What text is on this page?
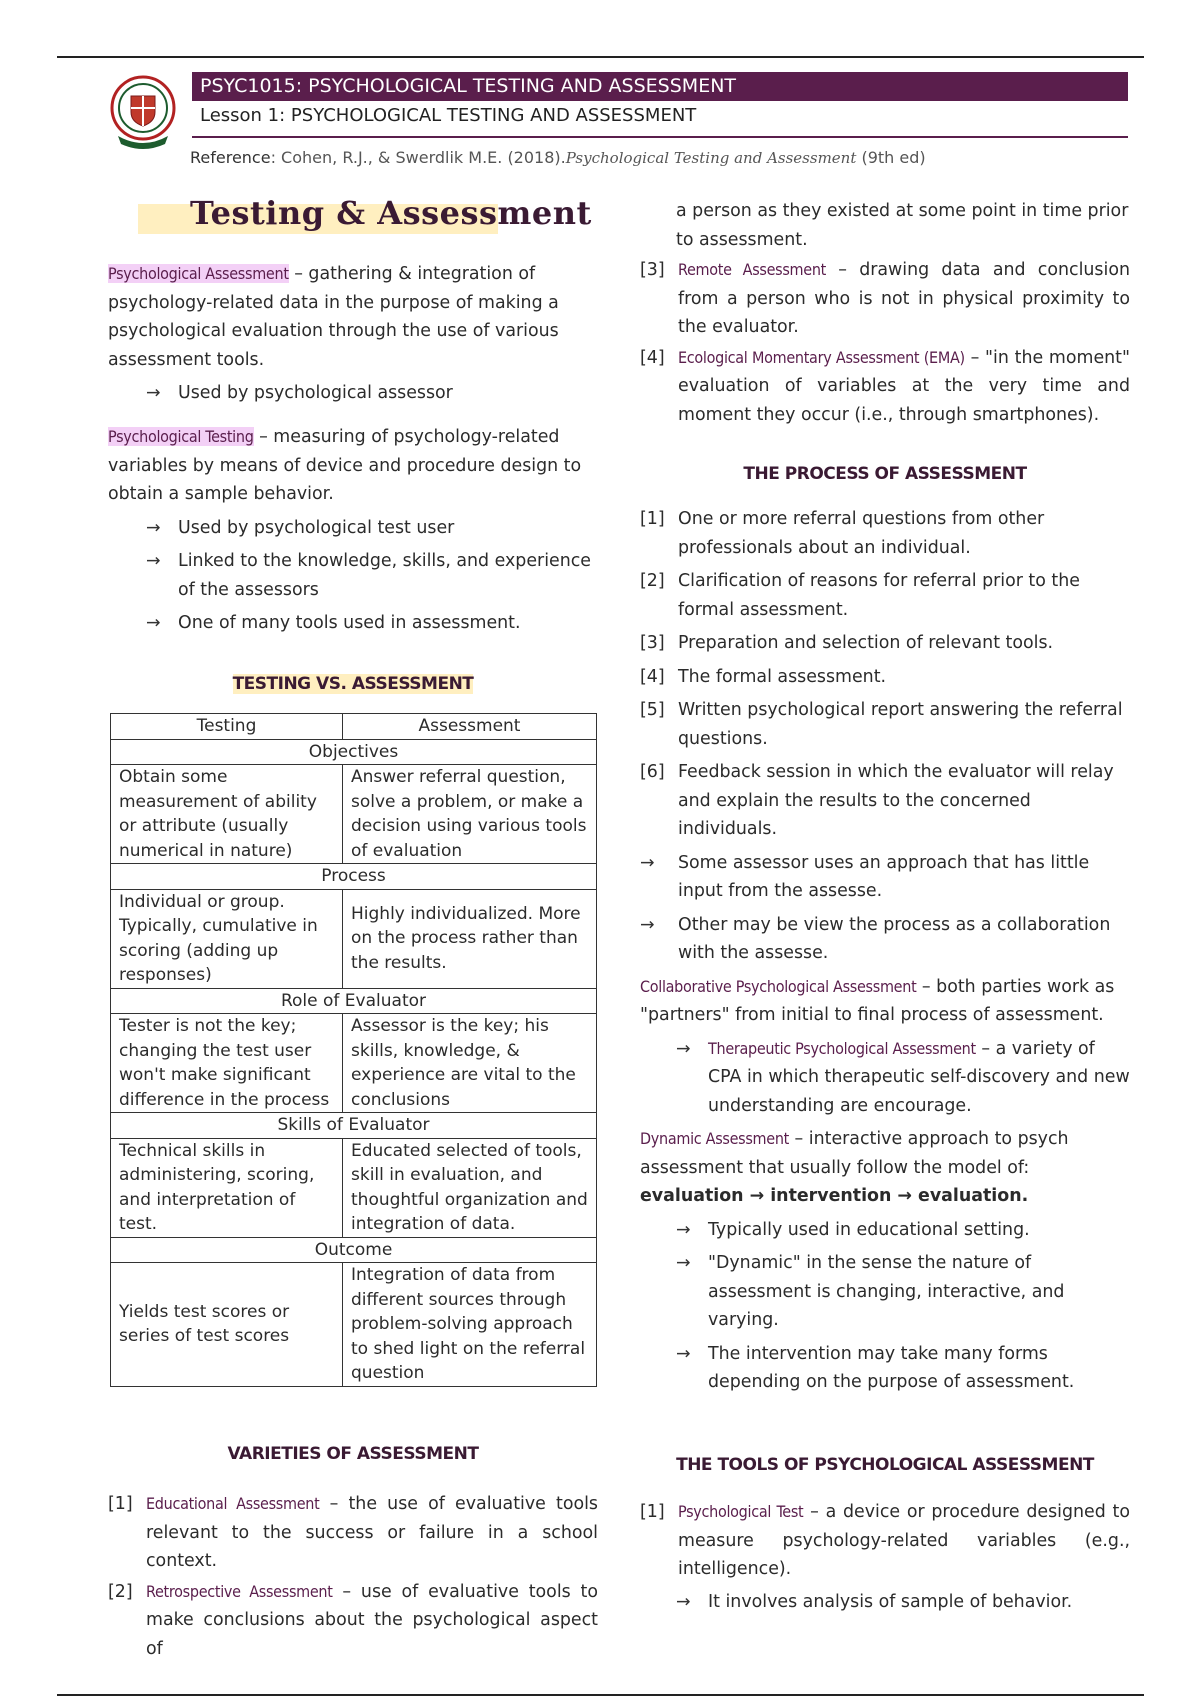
PSYC1015: PSYCHOLOGICAL TESTING AND ASSESSMENT
Lesson 1: PSYCHOLOGICAL TESTING AND ASSESSMENT
Reference: Cohen, R.J., & Swerdlik M.E. (2018).Psychological Testing and Assessment (9th ed)
Testing & Assessment

Psychological Assessment – gathering & integration of psychology-related data in the purpose of making a psychological evaluation through the use of various assessment tools.

→	Used by psychological assessor

Psychological Testing – measuring of psychology-related variables by means of device and procedure design to obtain a sample behavior.

→	Used by psychological test user
→	Linked to the knowledge, skills, and experience of the assessors
→	One of many tools used in assessment.
TESTING VS. ASSESSMENT
Testing	Assessment
Objectives	
Obtain some measurement of ability or attribute (usually numerical in nature)	Answer referral question, solve a problem, or make a decision using various tools of evaluation
Process	
Individual or group. Typically, cumulative in scoring (adding up responses)	Highly individualized. More on the process rather than the results.
Role of Evaluator	
Tester is not the key; changing the test user won't make significant difference in the process	Assessor is the key; his skills, knowledge, & experience are vital to the conclusions
Skills of Evaluator	
Technical skills in administering, scoring, and interpretation of test.	Educated selected of tools, skill in evaluation, and thoughtful organization and integration of data.
Outcome	
Yields test scores or series of test scores	Integration of data from different sources through problem-solving approach to shed light on the referral question
VARIETIES OF ASSESSMENT
[1] Educational Assessment – the use of evaluative tools relevant to the success or failure in a school context.
[2] Retrospective Assessment – use of evaluative tools to make conclusions about the psychological aspect of

a person as they existed at some point in time prior to assessment.

[3] Remote Assessment – drawing data and conclusion from a person who is not in physical proximity to the evaluator.
[4] Ecological Momentary Assessment (EMA) – "in the moment" evaluation of variables at the very time and moment they occur (i.e., through smartphones).
THE PROCESS OF ASSESSMENT
[1] One or more referral questions from other professionals about an individual.
[2] Clarification of reasons for referral prior to the formal assessment.
[3] Preparation and selection of relevant tools.
[4] The formal assessment.
[5] Written psychological report answering the referral questions.
[6] Feedback session in which the evaluator will relay and explain the results to the concerned individuals.
→	Some assessor uses an approach that has little input from the assesse.
→	Other may be view the process as a collaboration with the assesse.

Collaborative Psychological Assessment – both parties work as "partners" from initial to final process of assessment.

→	Therapeutic Psychological Assessment – a variety of CPA in which therapeutic self-discovery and new understanding are encourage.

Dynamic Assessment – interactive approach to psych assessment that usually follow the model of: evaluation → intervention → evaluation.

→	Typically used in educational setting.
→	"Dynamic" in the sense the nature of assessment is changing, interactive, and varying.
→	The intervention may take many forms depending on the purpose of assessment.
THE TOOLS OF PSYCHOLOGICAL ASSESSMENT
[1] Psychological Test – a device or procedure designed to measure psychology-related variables (e.g., intelligence).
→	It involves analysis of sample of behavior.
